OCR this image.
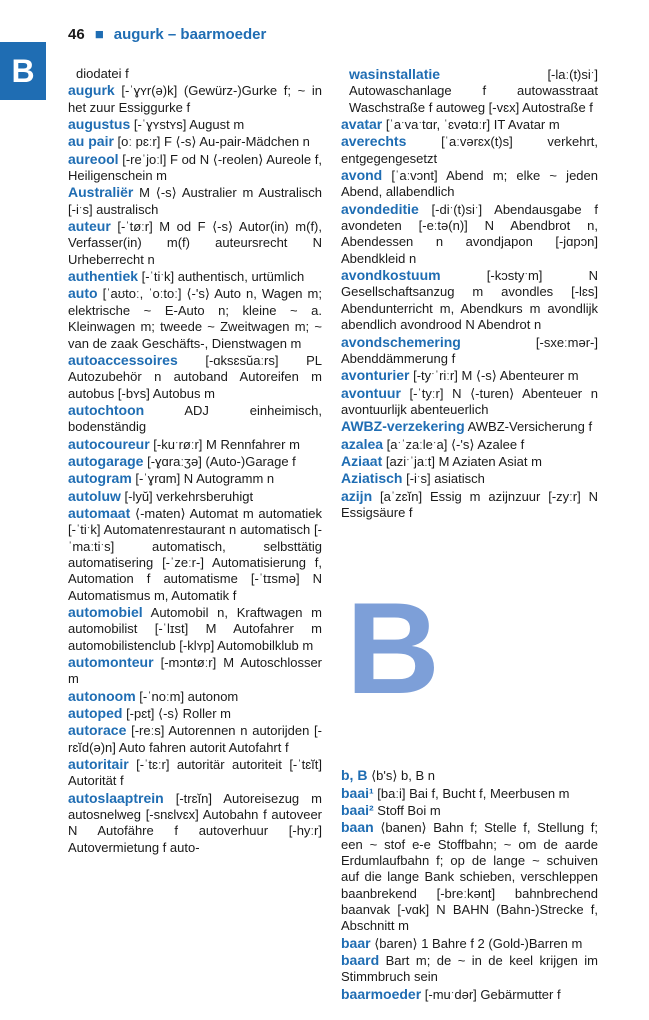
B
46 ■ augurk – baarmoeder

diodatei f

augurk [-ˈɣʏr(ə)k] (Gewürz-)Gurke f; ~ in het zuur Essiggurke f

augustus [-ˈɣʏstʏs] August m

au pair [oː pɛːr] F ⟨-s⟩ Au-pair-Mädchen n

aureool [-reˈjoːl] F od N ⟨-reolen⟩ Aureole f, Heiligenschein m

Australiër M ⟨-s⟩ Australier m Australisch [-iˑs] australisch

auteur [-ˈtøːr] M od F ⟨-s⟩ Autor(in) m(f), Verfasser(in) m(f) auteursrecht N Urheberrecht n

authentiek [-ˈtiˑk] authentisch, urtümlich

auto [ˈaʊtoː, ˈoːtoː] ⟨-'s⟩ Auto n, Wagen m; elektrische ~ E-Auto n; kleine ~ a. Kleinwagen m; tweede ~ Zweitwagen m; ~ van de zaak Geschäfts-, Dienstwagen m

autoaccessoires [-ɑksɛsŭaːrs] PL Autozubehör n autoband Autoreifen m autobus [-bʏs] Autobus m

autochtoon ADJ einheimisch, bodenständig

autocoureur [-kuˑrøːr] M Rennfahrer m

autogarage [-ɣɑraːʒə] (Auto-)Garage f

autogram [-ˈɣrɑm] N Autogramm n

autoluw [-lyŭ] verkehrsberuhigt

automaat ⟨-maten⟩ Automat m automatiek [-ˈtiˑk] Automatenrestaurant n automatisch [-ˈmaːtiˑs] automatisch, selbsttätig automatisering [-ˈzeːr-] Automatisierung f, Automation f automatisme [-ˈtɪsmə] N Automatismus m, Automatik f

automobiel Automobil n, Kraftwagen m automobilist [-ˈlɪst] M Autofahrer m automobilistenclub [-klʏp] Automobilklub m

automonteur [-mɔntøːr] M Autoschlosser m

autonoom [-ˈnoːm] autonom

autoped [-pɛt] ⟨-s⟩ Roller m

autorace [-reːs] Autorennen n autorijden [-rɛĭd(ə)n] Auto fahren autorit Autofahrt f

autoritair [-ˈtɛːr] autoritär autoriteit [-ˈtɛĭt] Autorität f

autoslaaptrein [-trɛĭn] Autoreisezug m autosnelweg [-snɛlvɛx] Autobahn f autoveer N Autofähre f autoverhuur [-hyːr] Autovermietung f auto-

wasinstallatie [-laː(t)siˑ] Autowaschanlage f autowasstraat Waschstraße f autoweg [-vɛx] Autostraße f

avatar [ˈaˑvaˑtɑr, ˈɛvətɑːr] IT Avatar m

averechts [ˈaːvərɛx(t)s] verkehrt, entgegengesetzt

avond [ˈaːvɔnt] Abend m; elke ~ jeden Abend, allabendlich

avondeditie [-diˑ(t)siˑ] Abendausgabe f avondeten [-eːtə(n)] N Abendbrot n, Abendessen n avondjapon [-jɑpɔn] Abendkleid n

avondkostuum [-kɔstyˑm] N Gesellschaftsanzug m avondles [-lɛs] Abendunterricht m, Abendkurs m avondlijk abendlich avondrood N Abendrot n

avondschemering [-sxeːmər-] Abenddämmerung f

avonturier [-tyˑˈriːr] M ⟨-s⟩ Abenteurer m

avontuur [-ˈtyːr] N ⟨-turen⟩ Abenteuer n avontuurlijk abenteuerlich

AWBZ-verzekering AWBZ-Versicherung f

azalea [aˑˈzaːleˑa] ⟨-'s⟩ Azalee f

Aziaat [aziˑˈjaːt] M Aziaten Asiat m

Aziatisch [-iˑs] asiatisch

azijn [aˈzɛĭn] Essig m azijnzuur [-zyːr] N Essigsäure f

b, B ⟨b's⟩ b, B n

baai¹ [baːi] Bai f, Bucht f, Meerbusen m

baai² Stoff Boi m

baan ⟨banen⟩ Bahn f; Stelle f, Stellung f; een ~ stof e-e Stoffbahn; ~ om de aarde Erdumlaufbahn f; op de lange ~ schuiven auf die lange Bank schieben, verschleppen baanbrekend [-breːkənt] bahnbrechend baanvak [-vɑk] N BAHN (Bahn-)Strecke f, Abschnitt m

baar ⟨baren⟩ 1 Bahre f 2 (Gold-)Barren m

baard Bart m; de ~ in de keel krijgen im Stimmbruch sein

baarmoeder [-muˑdər] Gebärmutter f

B
